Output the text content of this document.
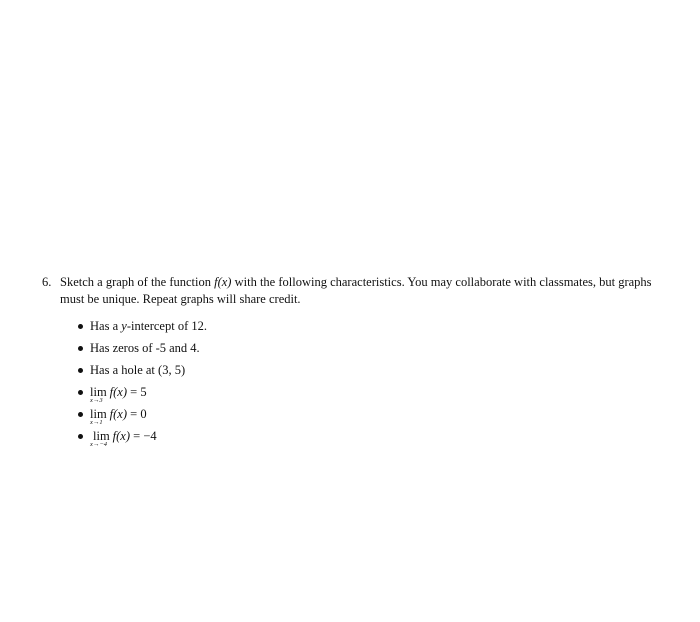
6. Sketch a graph of the function f(x) with the following characteristics. You may collaborate with classmates, but graphs must be unique. Repeat graphs will share credit.
Has a y-intercept of 12.
Has zeros of -5 and 4.
Has a hole at (3, 5)
lim
x→3
f(x) = 5
lim
x→1
f(x) = 0
lim
x→−4
f(x) = −4
